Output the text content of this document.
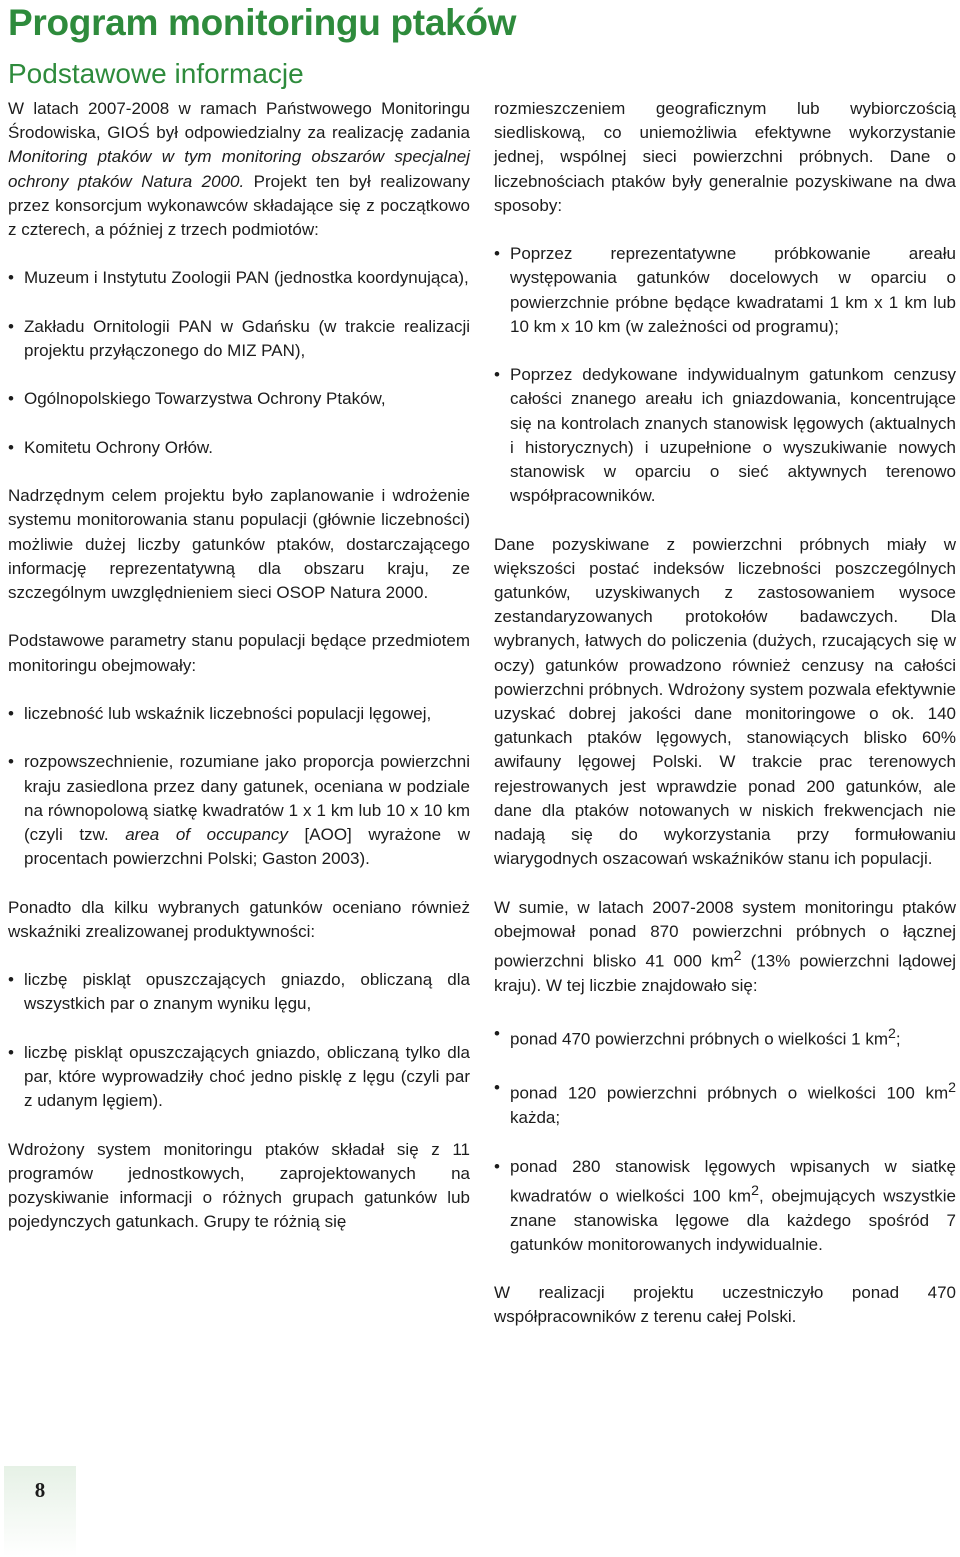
Program monitoringu ptaków
Podstawowe informacje

W latach 2007-2008 w ramach Państwowego Monitoringu Środowiska, GIOŚ był odpowiedzialny za realizację zadania Monitoring ptaków w tym monitoring obszarów specjalnej ochrony ptaków Natura 2000. Projekt ten był realizowany przez konsorcjum wykonawców składające się z początkowo z czterech, a później z trzech podmiotów:

• Muzeum i Instytutu Zoologii PAN (jednostka koordynująca),
• Zakładu Ornitologii PAN w Gdańsku (w trakcie realizacji projektu przyłączonego do MIZ PAN),
• Ogólnopolskiego Towarzystwa Ochrony Ptaków,
• Komitetu Ochrony Orłów.

Nadrzędnym celem projektu było zaplanowanie i wdrożenie systemu monitorowania stanu populacji (głównie liczebności) możliwie dużej liczby gatunków ptaków, dostarczającego informację reprezentatywną dla obszaru kraju, ze szczególnym uwzględnieniem sieci OSOP Natura 2000.

Podstawowe parametry stanu populacji będące przedmiotem monitoringu obejmowały:

• liczebność lub wskaźnik liczebności populacji lęgowej,
• rozpowszechnienie, rozumiane jako proporcja powierzchni kraju zasiedlona przez dany gatunek, oceniana w podziale na równopolową siatkę kwadratów 1 x 1 km lub 10 x 10 km (czyli tzw. area of occupancy [AOO] wyrażone w procentach powierzchni Polski; Gaston 2003).

Ponadto dla kilku wybranych gatunków oceniano również wskaźniki zrealizowanej produktywności:

• liczbę piskląt opuszczających gniazdo, obliczaną dla wszystkich par o znanym wyniku lęgu,
• liczbę piskląt opuszczających gniazdo, obliczaną tylko dla par, które wyprowadziły choć jedno pisklę z lęgu (czyli par z udanym lęgiem).

Wdrożony system monitoringu ptaków składał się z 11 programów jednostkowych, zaprojektowanych na pozyskiwanie informacji o różnych grupach gatunków lub pojedynczych gatunkach. Grupy te różnią się

rozmieszczeniem geograficznym lub wybiorczością siedliskową, co uniemożliwia efektywne wykorzystanie jednej, wspólnej sieci powierzchni próbnych. Dane o liczebnościach ptaków były generalnie pozyskiwane na dwa sposoby:

• Poprzez reprezentatywne próbkowanie areału występowania gatunków docelowych w oparciu o powierzchnie próbne będące kwadratami 1 km x 1 km lub 10 km x 10 km (w zależności od programu);
• Poprzez dedykowane indywidualnym gatunkom cenzusy całości znanego areału ich gniazdowania, koncentrujące się na kontrolach znanych stanowisk lęgowych (aktualnych i historycznych) i uzupełnione o wyszukiwanie nowych stanowisk w oparciu o sieć aktywnych terenowo współpracowników.

Dane pozyskiwane z powierzchni próbnych miały w większości postać indeksów liczebności poszczególnych gatunków, uzyskiwanych z zastosowaniem wysoce zestandaryzowanych protokołów badawczych. Dla wybranych, łatwych do policzenia (dużych, rzucających się w oczy) gatunków prowadzono również cenzusy na całości powierzchni próbnych. Wdrożony system pozwala efektywnie uzyskać dobrej jakości dane monitoringowe o ok. 140 gatunkach ptaków lęgowych, stanowiących blisko 60% awifauny lęgowej Polski. W trakcie prac terenowych rejestrowanych jest wprawdzie ponad 200 gatunków, ale dane dla ptaków notowanych w niskich frekwencjach nie nadają się do wykorzystania przy formułowaniu wiarygodnych oszacowań wskaźników stanu ich populacji.

W sumie, w latach 2007-2008 system monitoringu ptaków obejmował ponad 870 powierzchni próbnych o łącznej powierzchni blisko 41 000 $km^2$ (13% powierzchni lądowej kraju). W tej liczbie znajdowało się:

• ponad 470 powierzchni próbnych o wielkości 1 $km^2$;
• ponad 120 powierzchni próbnych o wielkości 100 $km^2$ każda;
• ponad 280 stanowisk lęgowych wpisanych w siatkę kwadratów o wielkości 100 $km^2$, obejmujących wszystkie znane stanowiska lęgowe dla każdego spośród 7 gatunków monitorowanych indywidualnie.

W realizacji projektu uczestniczyło ponad 470 współpracowników z terenu całej Polski.

8
